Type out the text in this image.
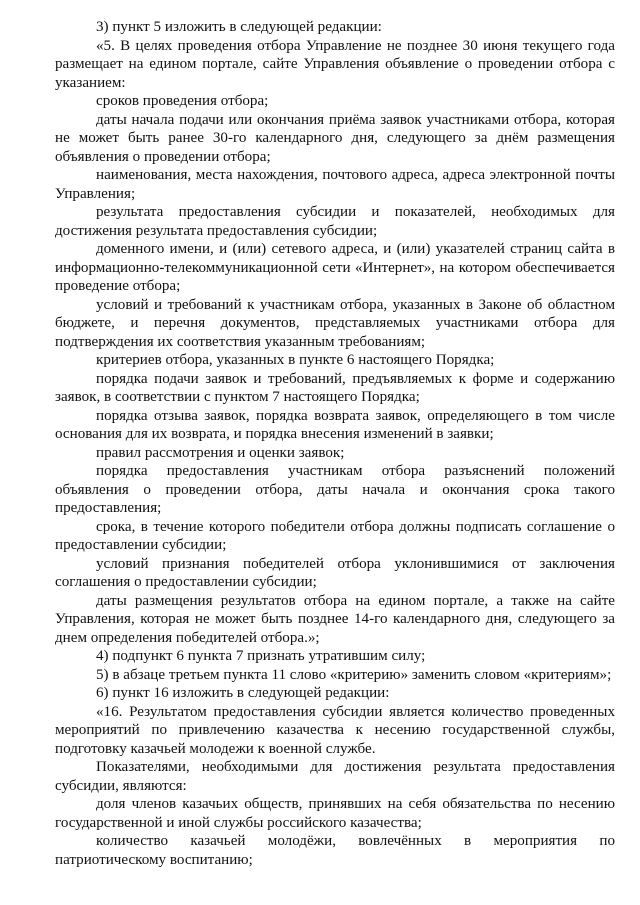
3) пункт 5 изложить в следующей редакции:

«5. В целях проведения отбора Управление не позднее 30 июня текущего года размещает на едином портале, сайте Управления объявление о проведении отбора с указанием:

сроков проведения отбора;

даты начала подачи или окончания приёма заявок участниками отбора, которая не может быть ранее 30-го календарного дня, следующего за днём размещения объявления о проведении отбора;

наименования, места нахождения, почтового адреса, адреса электронной почты Управления;

результата предоставления субсидии и показателей, необходимых для достижения результата предоставления субсидии;

доменного имени, и (или) сетевого адреса, и (или) указателей страниц сайта в информационно-телекоммуникационной сети «Интернет», на котором обеспечивается проведение отбора;

условий и требований к участникам отбора, указанных в Законе об областном бюджете, и перечня документов, представляемых участниками отбора для подтверждения их соответствия указанным требованиям;

критериев отбора, указанных в пункте 6 настоящего Порядка;

порядка подачи заявок и требований, предъявляемых к форме и содержанию заявок, в соответствии с пунктом 7 настоящего Порядка;

порядка отзыва заявок, порядка возврата заявок, определяющего в том числе основания для их возврата, и порядка внесения изменений в заявки;

правил рассмотрения и оценки заявок;

порядка предоставления участникам отбора разъяснений положений объявления о проведении отбора, даты начала и окончания срока такого предоставления;

срока, в течение которого победители отбора должны подписать соглашение о предоставлении субсидии;

условий признания победителей отбора уклонившимися от заключения соглашения о предоставлении субсидии;

даты размещения результатов отбора на едином портале, а также на сайте Управления, которая не может быть позднее 14-го календарного дня, следующего за днем определения победителей отбора.»;

4) подпункт 6 пункта 7 признать утратившим силу;

5) в абзаце третьем пункта 11 слово «критерию» заменить словом «критериям»;

6) пункт 16 изложить в следующей редакции:

«16. Результатом предоставления субсидии является количество проведенных мероприятий по привлечению казачества к несению государственной службы, подготовку казачьей молодежи к военной службе.

Показателями, необходимыми для достижения результата предоставления субсидии, являются:

доля членов казачьих обществ, принявших на себя обязательства по несению государственной и иной службы российского казачества;

количество казачьей молодёжи, вовлечённых в мероприятия по патриотическому воспитанию;
